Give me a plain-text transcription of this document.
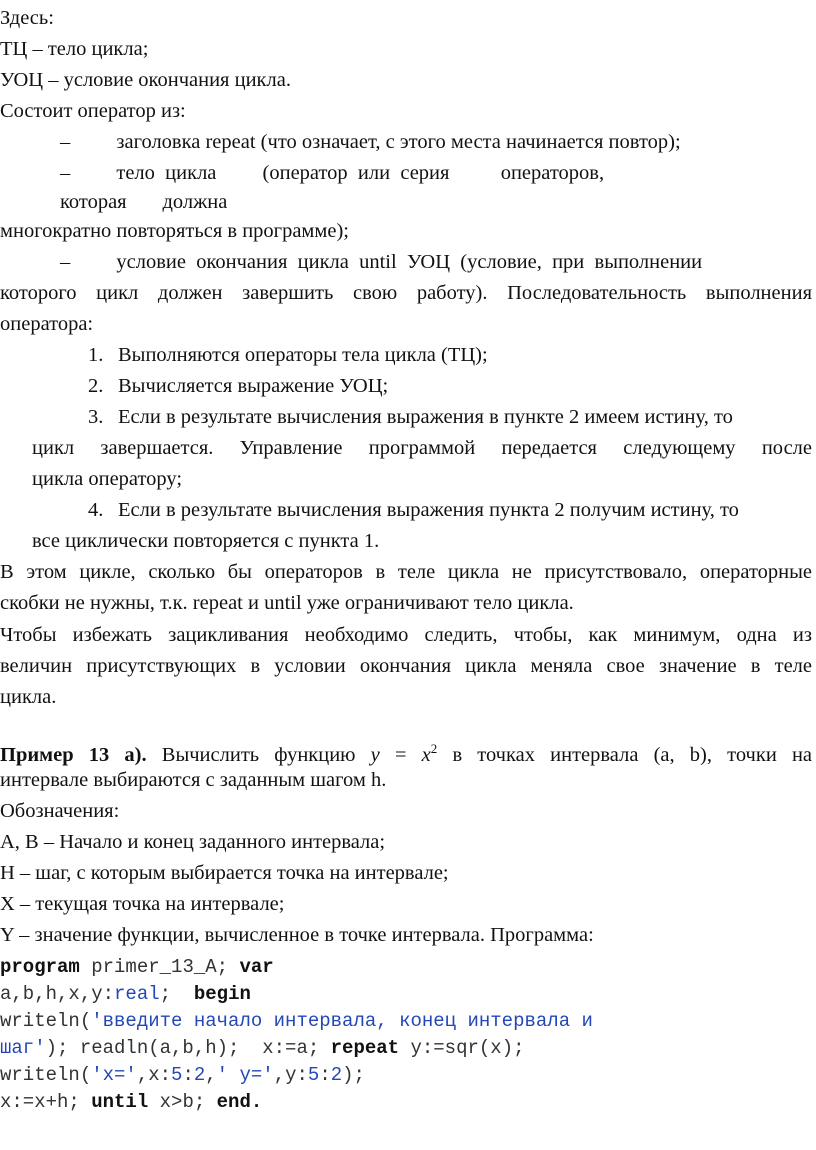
Здесь:
ТЦ – тело цикла;
УОЦ – условие окончания цикла.
Состоит оператор из:
–         заголовка repeat (что означает, с этого места начинается повтор);
–         тело  цикла         (оператор  или  серия          операторов,
которая       должна
многократно повторяться в программе);
–         условие  окончания  цикла  until  УОЦ  (условие,  при  выполнении
которого цикл должен завершить свою работу). Последовательность выполнения
оператора:
1. Выполняются операторы тела цикла (ТЦ);
2. Вычисляется выражение УОЦ;
3. Если в результате вычисления выражения в пункте 2 имеем истину, то
цикл завершается. Управление программой передается следующему после
цикла оператору;
4. Если в результате вычисления выражения пункта 2 получим истину, то
все циклически повторяется с пункта 1.
В этом цикле, сколько бы операторов в теле цикла не присутствовало, операторные
скобки не нужны, т.к. repeat и until уже ограничивают тело цикла.
Чтобы избежать зацикливания необходимо следить, чтобы, как минимум, одна из
величин присутствующих в условии окончания цикла меняла свое значение в теле
цикла.
Пример 13 а). Вычислить функцию $y = x^2$ в точках интервала (a, b), точки на
интервале выбираются с заданным шагом h.
Обозначения:
A, B – Начало и конец заданного интервала;
H – шаг, с которым выбирается точка на интервале;
X – текущая точка на интервале;
Y – значение функции, вычисленное в точке интервала. Программа:
program primer_13_A; var
a,b,h,x,y:real;  begin
writeln('введите начало интервала, конец интервала и
шаг'); readln(a,b,h);  x:=a; repeat y:=sqr(x);
writeln('x=',x:5:2,' y=',y:5:2);
x:=x+h; until x>b; end.
